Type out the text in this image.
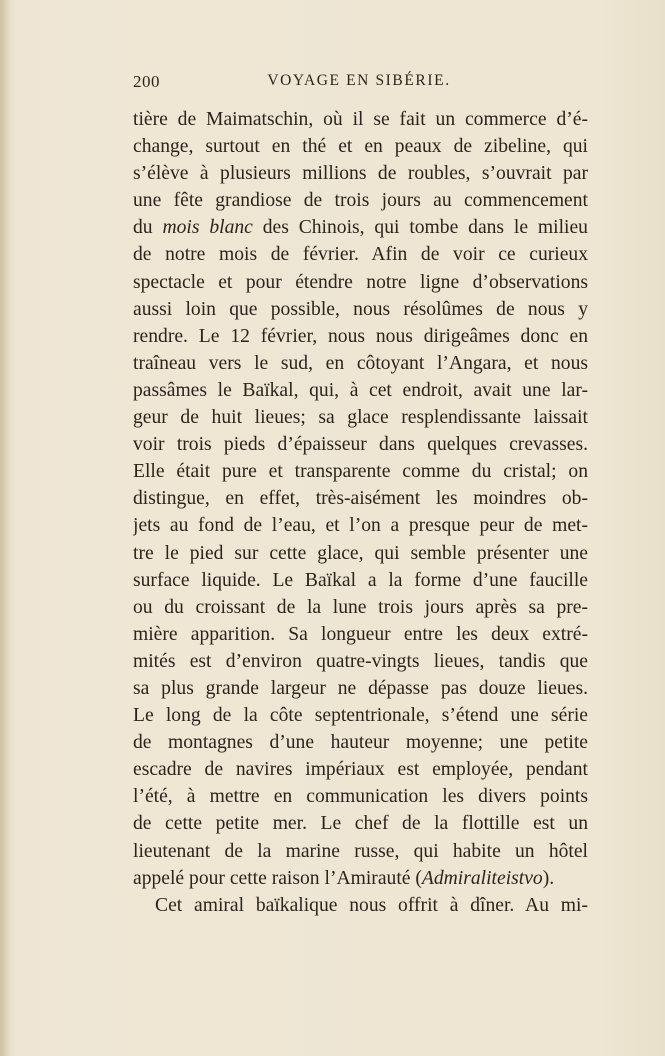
200	VOYAGE EN SIBÉRIE.
tière de Maimatschin, où il se fait un commerce d’é-
change, surtout en thé et en peaux de zibeline, qui
s’élève à plusieurs millions de roubles, s’ouvrait par
une fête grandiose de trois jours au commencement
du mois blanc des Chinois, qui tombe dans le milieu
de notre mois de février. Afin de voir ce curieux
spectacle et pour étendre notre ligne d’observations
aussi loin que possible, nous résolûmes de nous y
rendre. Le 12 février, nous nous dirigeâmes donc en
traîneau vers le sud, en côtoyant l’Angara, et nous
passâmes le Baïkal, qui, à cet endroit, avait une lar-
geur de huit lieues; sa glace resplendissante laissait
voir trois pieds d’épaisseur dans quelques crevasses.
Elle était pure et transparente comme du cristal; on
distingue, en effet, très-aisément les moindres ob-
jets au fond de l’eau, et l’on a presque peur de met-
tre le pied sur cette glace, qui semble présenter une
surface liquide. Le Baïkal a la forme d’une faucille
ou du croissant de la lune trois jours après sa pre-
mière apparition. Sa longueur entre les deux extré-
mités est d’environ quatre-vingts lieues, tandis que
sa plus grande largeur ne dépasse pas douze lieues.
Le long de la côte septentrionale, s’étend une série
de montagnes d’une hauteur moyenne; une petite
escadre de navires impériaux est employée, pendant
l’été, à mettre en communication les divers points
de cette petite mer. Le chef de la flottille est un
lieutenant de la marine russe, qui habite un hôtel
appelé pour cette raison l’Amirauté (Admiraliteistvo).
Cet amiral baïkalique nous offrit à dîner. Au mi-
